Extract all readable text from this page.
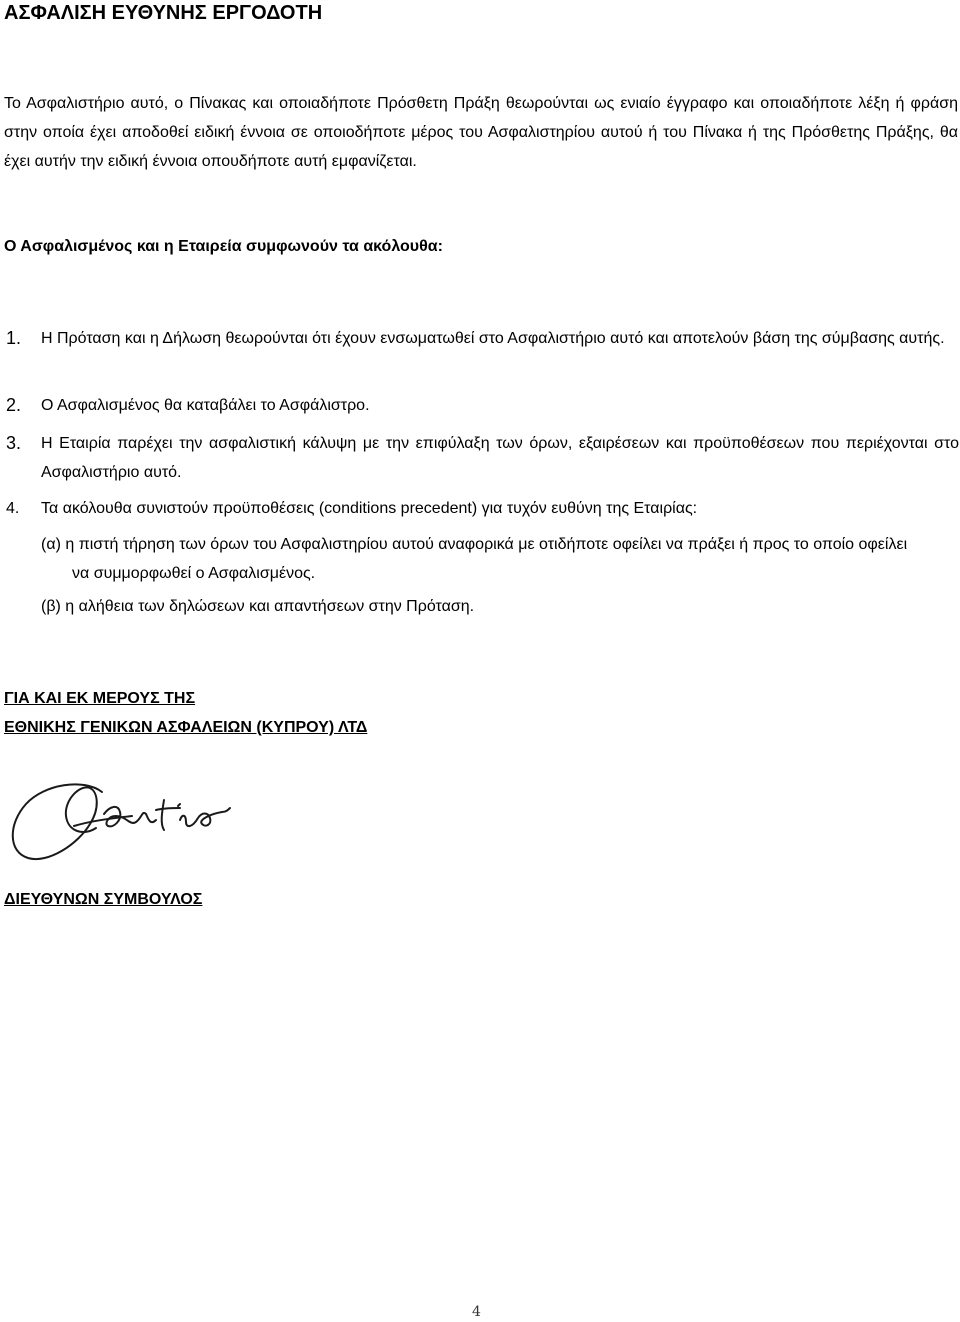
ΑΣΦΑΛΙΣΗ ΕΥΘΥΝΗΣ ΕΡΓΟΔΟΤΗ

Το Ασφαλιστήριο αυτό, ο Πίνακας και οποιαδήποτε Πρόσθετη Πράξη θεωρούνται ως ενιαίο έγγραφο και οποιαδήποτε λέξη ή φράση στην οποία έχει αποδοθεί ειδική έννοια σε οποιοδήποτε μέρος του Ασφαλιστηρίου αυτού ή του Πίνακα ή της Πρόσθετης Πράξης, θα έχει αυτήν την ειδική έννοια οπουδήποτε αυτή εμφανίζεται.

Ο Ασφαλισμένος και η Εταιρεία συμφωνούν τα ακόλουθα:

1. Η Πρόταση και η Δήλωση θεωρούνται ότι έχουν ενσωματωθεί στο Ασφαλιστήριο αυτό και αποτελούν βάση της σύμβασης αυτής.
2. Ο Ασφαλισμένος θα καταβάλει το Ασφάλιστρο.
3. Η Εταιρία παρέχει την ασφαλιστική κάλυψη με την επιφύλαξη των όρων, εξαιρέσεων και προϋποθέσεων που περιέχονται στο Ασφαλιστήριο αυτό.
4. Τα ακόλουθα συνιστούν προϋποθέσεις (conditions precedent) για τυχόν ευθύνη της Εταιρίας:

(α) η πιστή τήρηση των όρων του Ασφαλιστηρίου αυτού αναφορικά με οτιδήποτε οφείλει να πράξει ή προς το οποίο οφείλει

να συμμορφωθεί ο Ασφαλισμένος.

(β) η αλήθεια των δηλώσεων και απαντήσεων στην Πρόταση.

ΓΙΑ ΚΑΙ ΕΚ ΜΕΡΟΥΣ ΤΗΣ

ΕΘΝΙΚΗΣ ΓΕΝΙΚΩΝ ΑΣΦΑΛΕΙΩΝ (ΚΥΠΡΟΥ) ΛΤΔ

ΔΙΕΥΘΥΝΩΝ ΣΥΜΒΟΥΛΟΣ

4
